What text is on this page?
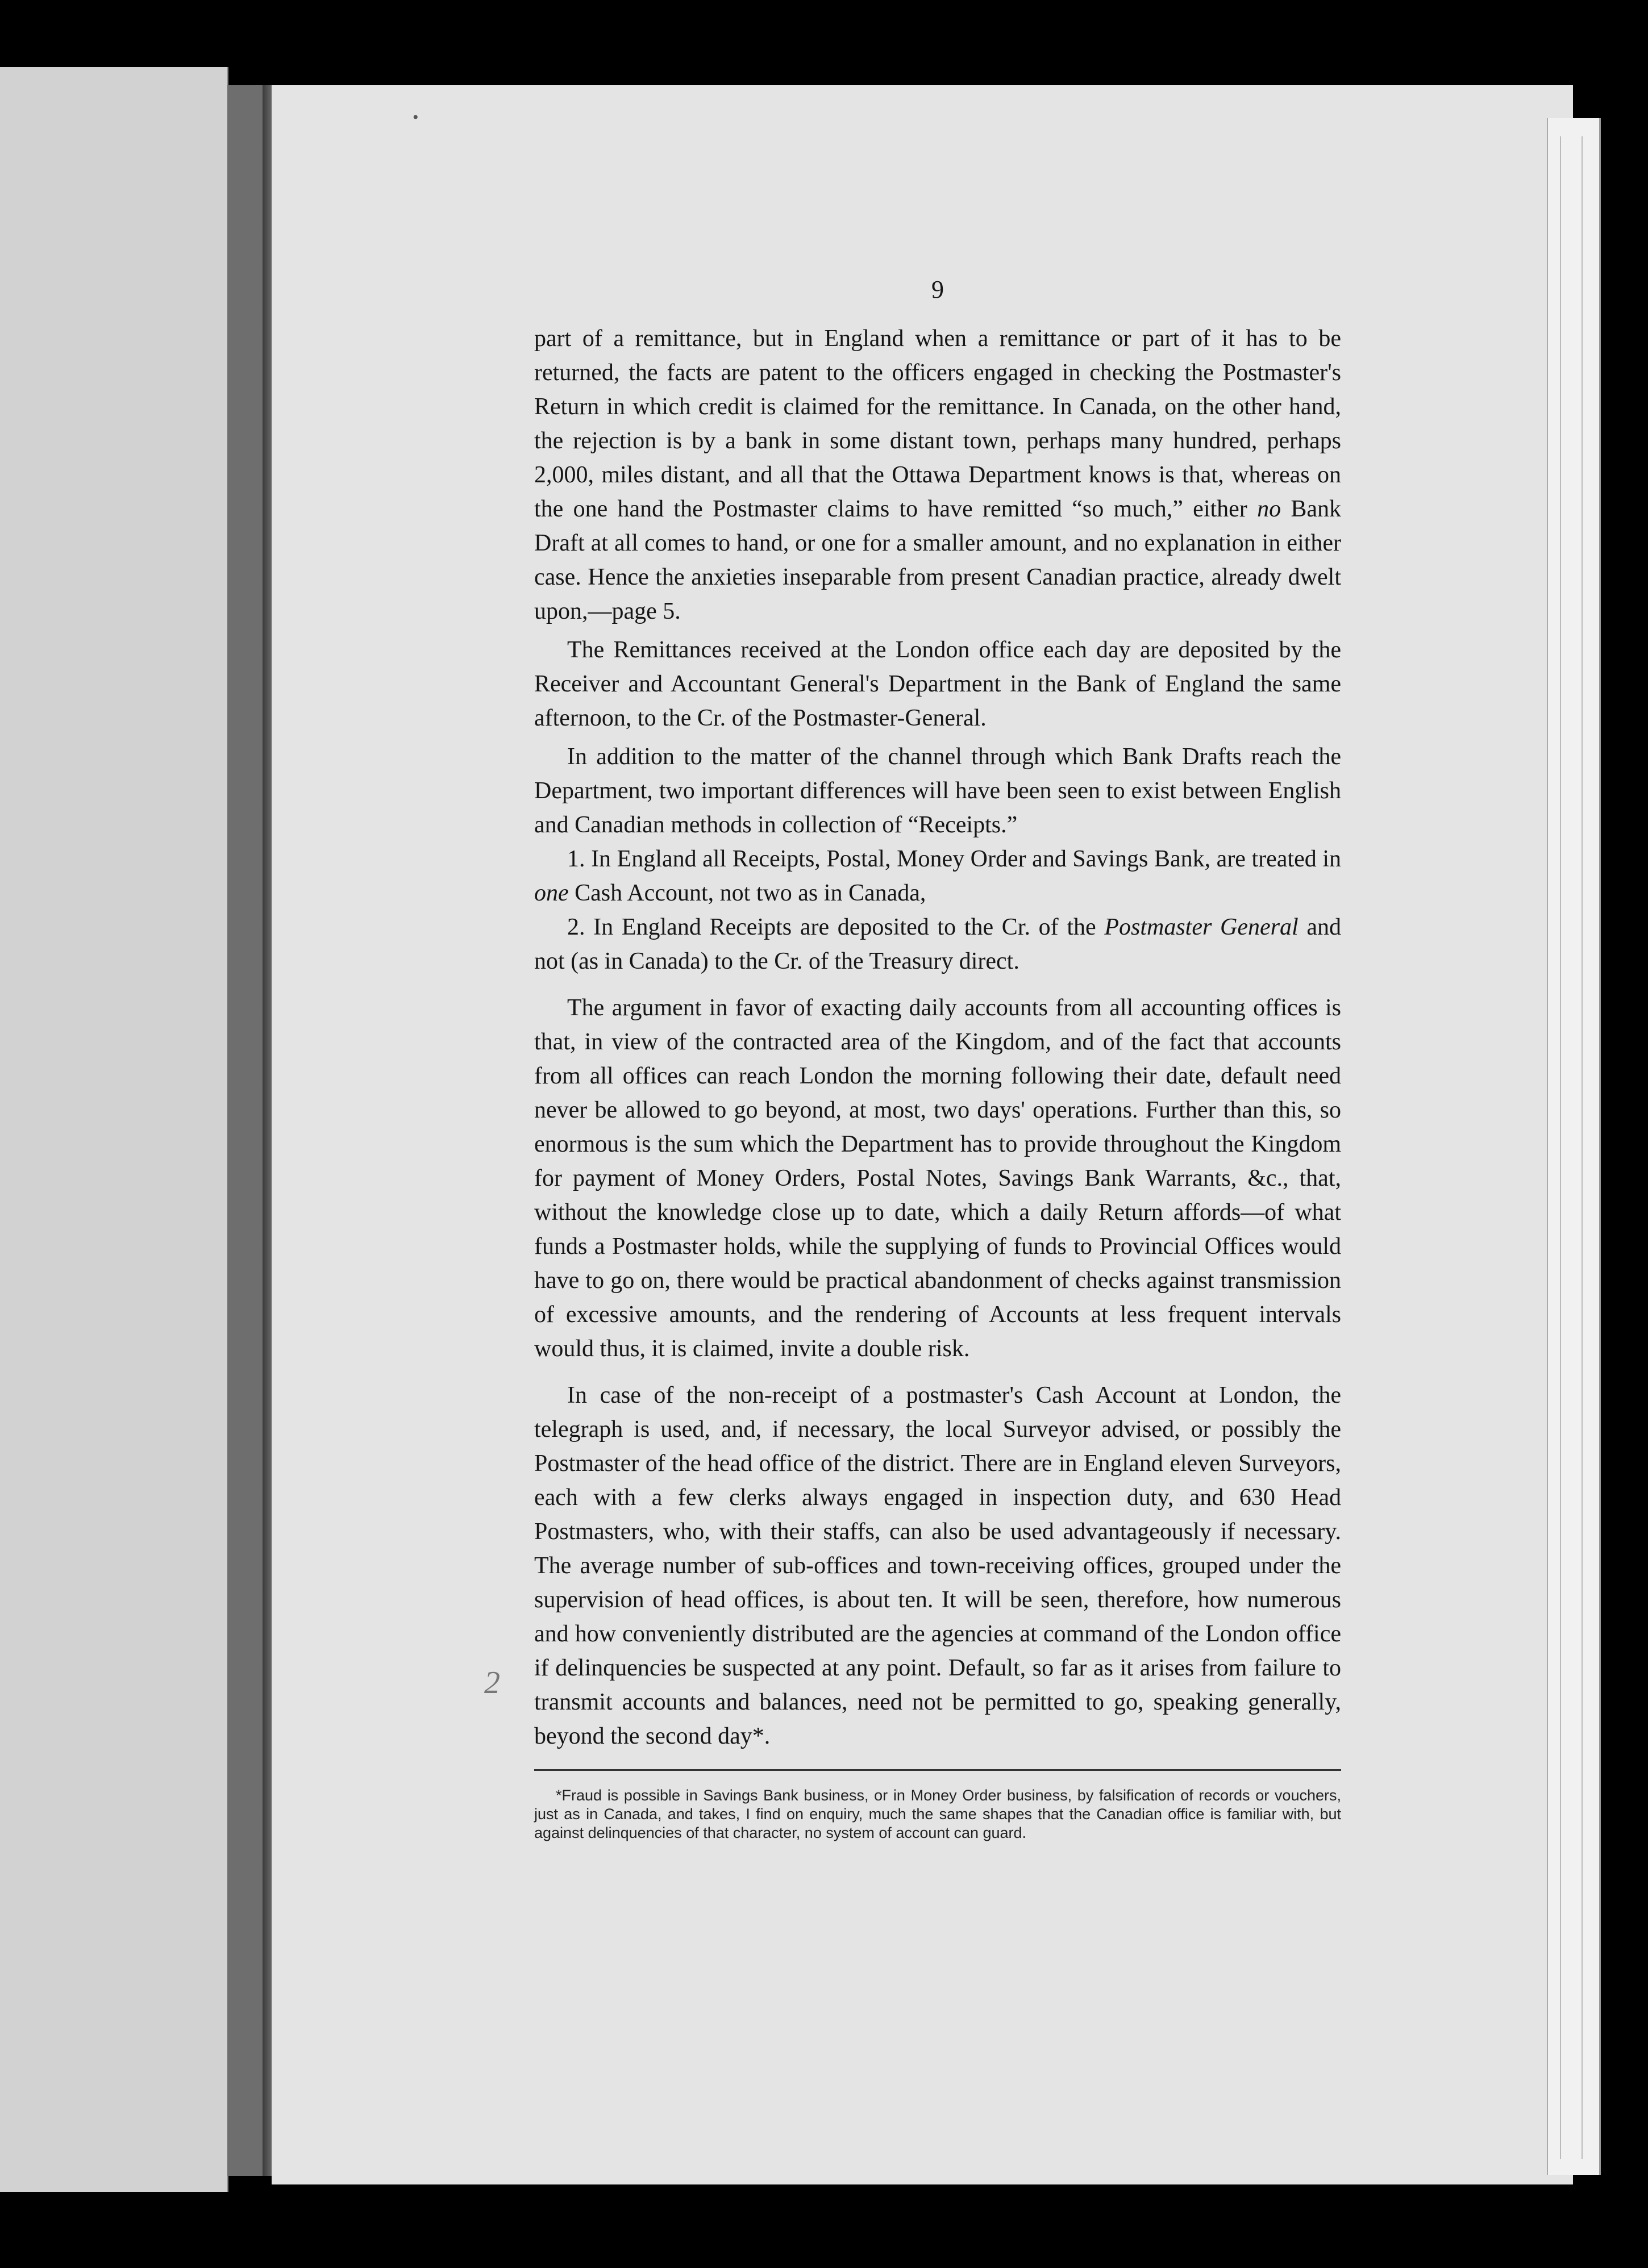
•
2
9

part of a remittance, but in England when a remittance or part of it has to be returned, the facts are patent to the officers engaged in checking the Postmaster's Return in which credit is claimed for the remittance. In Canada, on the other hand, the rejection is by a bank in some distant town, perhaps many hundred, perhaps 2,000, miles distant, and all that the Ottawa Department knows is that, whereas on the one hand the Postmaster claims to have remitted “so much,” either no Bank Draft at all comes to hand, or one for a smaller amount, and no explanation in either case. Hence the anxieties inseparable from present Canadian practice, already dwelt upon,—page 5.

The Remittances received at the London office each day are deposited by the Receiver and Accountant General's Department in the Bank of England the same afternoon, to the Cr. of the Postmaster-General.

In addition to the matter of the channel through which Bank Drafts reach the Department, two important differences will have been seen to exist between English and Canadian methods in collection of “Receipts.”

1. In England all Receipts, Postal, Money Order and Savings Bank, are treated in one Cash Account, not two as in Canada,

2. In England Receipts are deposited to the Cr. of the Postmaster General and not (as in Canada) to the Cr. of the Treasury direct.

The argument in favor of exacting daily accounts from all accounting offices is that, in view of the contracted area of the Kingdom, and of the fact that accounts from all offices can reach London the morning following their date, default need never be allowed to go beyond, at most, two days' operations. Further than this, so enormous is the sum which the Department has to provide throughout the Kingdom for payment of Money Orders, Postal Notes, Savings Bank Warrants, &c., that, without the knowledge close up to date, which a daily Return affords—of what funds a Postmaster holds, while the supplying of funds to Provincial Offices would have to go on, there would be practical abandonment of checks against transmission of excessive amounts, and the rendering of Accounts at less frequent intervals would thus, it is claimed, invite a double risk.

In case of the non-receipt of a postmaster's Cash Account at London, the telegraph is used, and, if necessary, the local Surveyor advised, or possibly the Postmaster of the head office of the district. There are in England eleven Surveyors, each with a few clerks always engaged in inspection duty, and 630 Head Postmasters, who, with their staffs, can also be used advantageously if necessary. The average number of sub-offices and town-receiving offices, grouped under the supervision of head offices, is about ten. It will be seen, therefore, how numerous and how conveniently distributed are the agencies at command of the London office if delinquencies be suspected at any point. Default, so far as it arises from failure to transmit accounts and balances, need not be permitted to go, speaking generally, beyond the second day*.

*Fraud is possible in Savings Bank business, or in Money Order business, by falsification of records or vouchers, just as in Canada, and takes, I find on enquiry, much the same shapes that the Canadian office is familiar with, but against delinquencies of that character, no system of account can guard.
